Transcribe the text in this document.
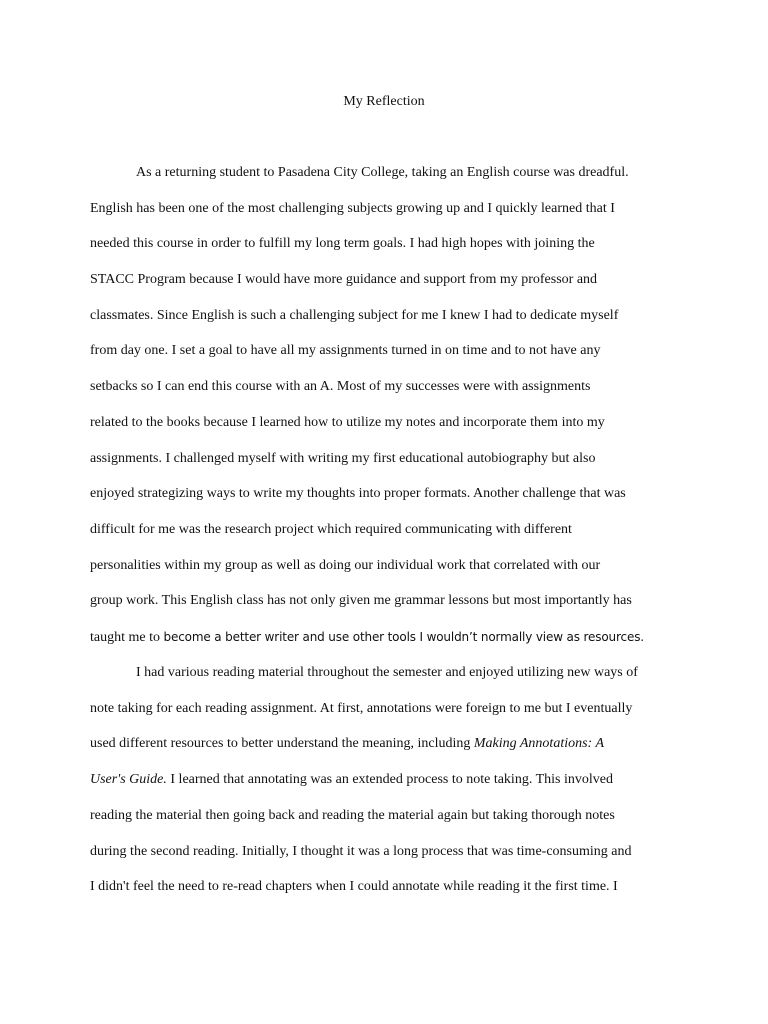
My Reflection
As a returning student to Pasadena City College, taking an English course was dreadful.
English has been one of the most challenging subjects growing up and I quickly learned that I
needed this course in order to fulfill my long term goals. I had high hopes with joining the
STACC Program because I would have more guidance and support from my professor and
classmates. Since English is such a challenging subject for me I knew I had to dedicate myself
from day one. I set a goal to have all my assignments turned in on time and to not have any
setbacks so I can end this course with an A. Most of my successes were with assignments
related to the books because I learned how to utilize my notes and incorporate them into my
assignments. I challenged myself with writing my first educational autobiography but also
enjoyed strategizing ways to write my thoughts into proper formats. Another challenge that was
difficult for me was the research project which required communicating with different
personalities within my group as well as doing our individual work that correlated with our
group work. This English class has not only given me grammar lessons but most importantly has
taught me to become a better writer and use other tools I wouldn’t normally view as resources.
I had various reading material throughout the semester and enjoyed utilizing new ways of
note taking for each reading assignment. At first, annotations were foreign to me but I eventually
used different resources to better understand the meaning, including Making Annotations: A
User's Guide. I learned that annotating was an extended process to note taking. This involved
reading the material then going back and reading the material again but taking thorough notes
during the second reading. Initially, I thought it was a long process that was time-consuming and
I didn't feel the need to re-read chapters when I could annotate while reading it the first time. I
